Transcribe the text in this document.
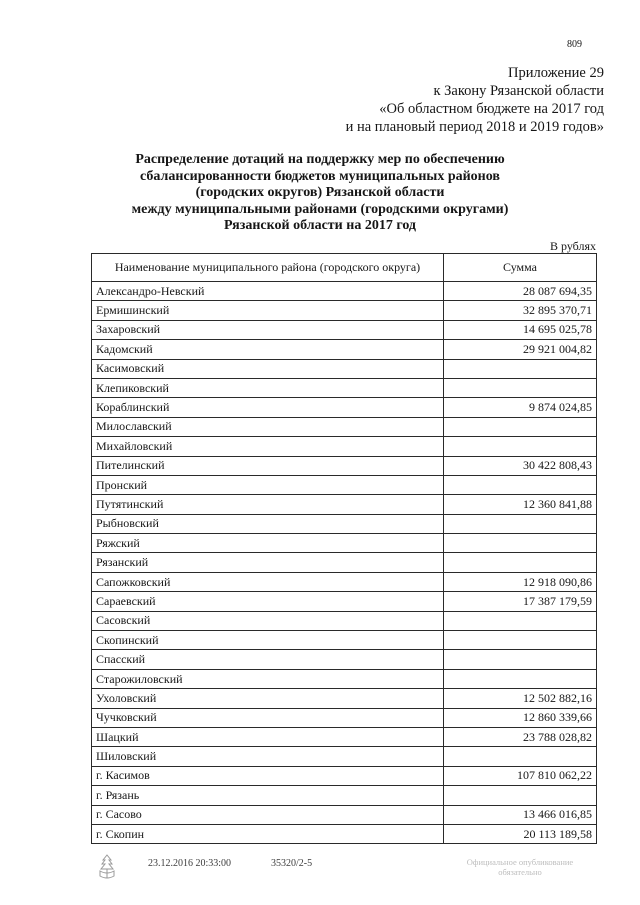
809
Приложение 29
к Закону Рязанской области
«Об областном бюджете на 2017 год
и на плановый период 2018 и 2019 годов»
Распределение дотаций на поддержку мер по обеспечению
сбалансированности бюджетов муниципальных районов
(городских округов) Рязанской области
между муниципальными районами (городскими округами)
Рязанской области на 2017 год
В рублях
Наименование муниципального района (городского округа)	Сумма
Александро-Невский	28 087 694,35
Ермишинский	32 895 370,71
Захаровский	14 695 025,78
Кадомский	29 921 004,82
Касимовский	
Клепиковский	
Кораблинский	9 874 024,85
Милославский	
Михайловский	
Пителинский	30 422 808,43
Пронский	
Путятинский	12 360 841,88
Рыбновский	
Ряжский	
Рязанский	
Сапожковский	12 918 090,86
Сараевский	17 387 179,59
Сасовский	
Скопинский	
Спасский	
Старожиловский	
Ухоловский	12 502 882,16
Чучковский	12 860 339,66
Шацкий	23 788 028,82
Шиловский	
г. Касимов	107 810 062,22
г. Рязань	
г. Сасово	13 466 016,85
г. Скопин	20 113 189,58
23.12.2016 20:33:00	35320/2-5	Официальное опубликование
обязательно
